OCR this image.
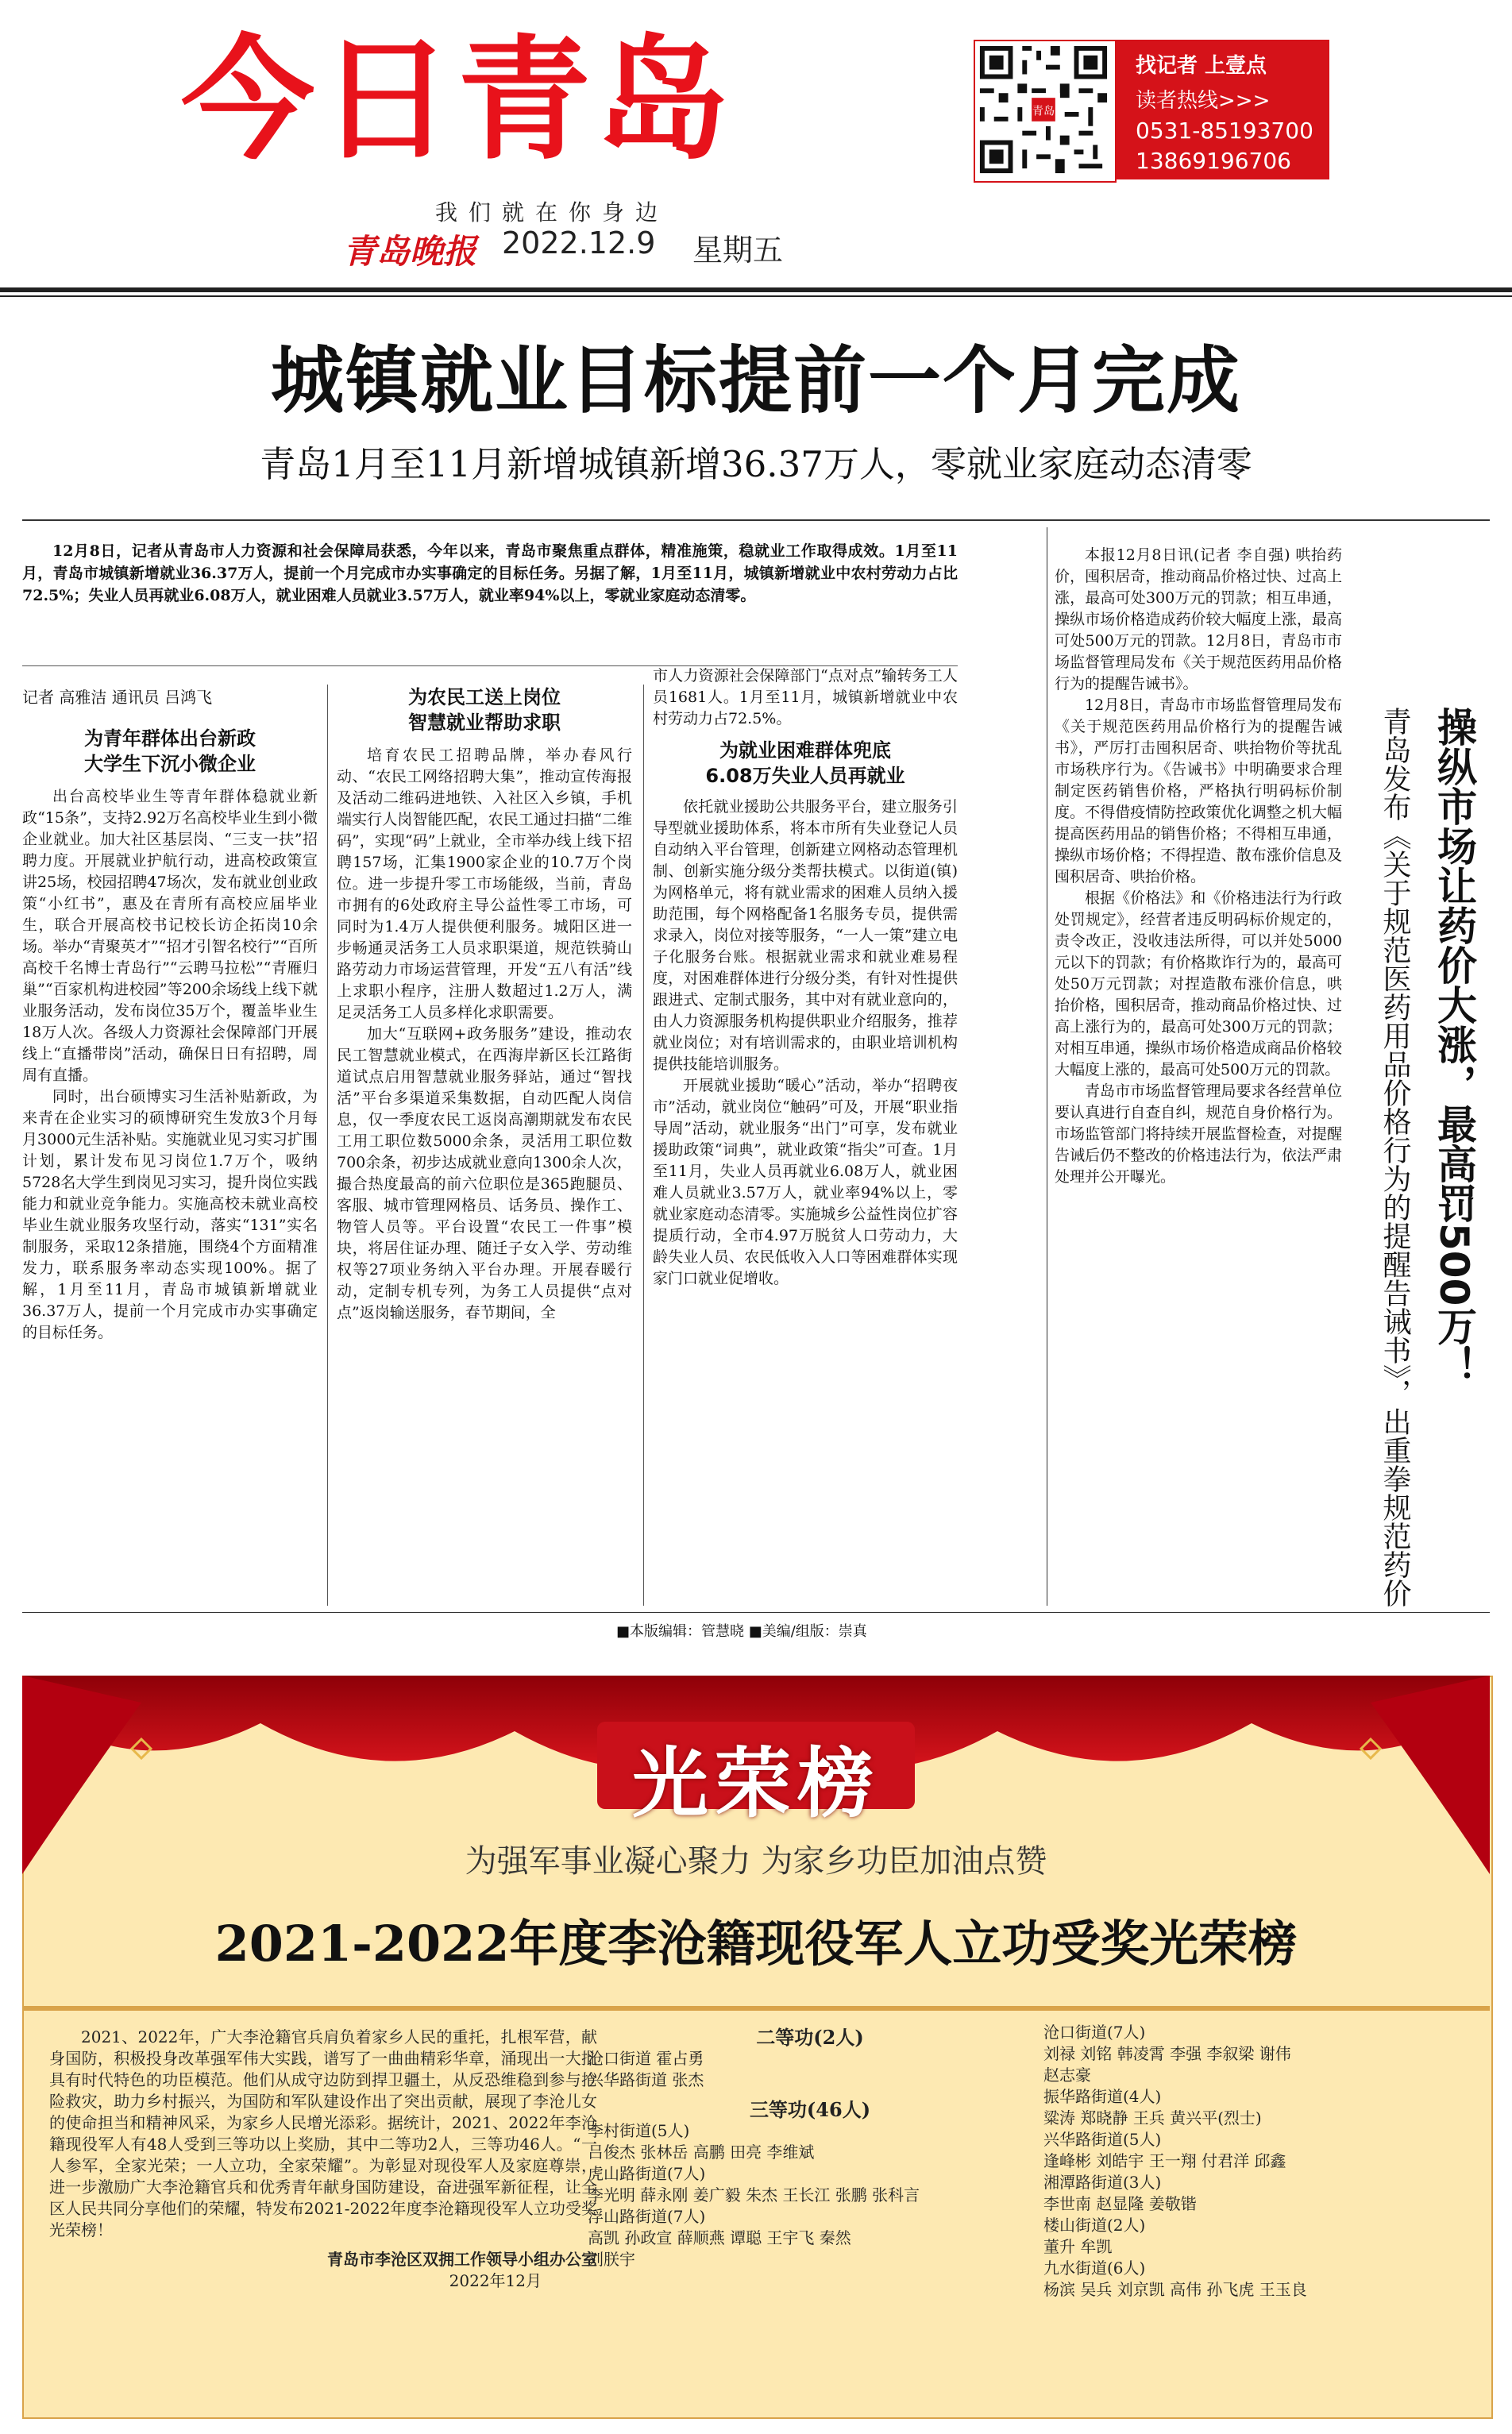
今日青岛
我们就在你身边
青岛晚报 2022.12.9 星期五
青岛
找记者 上壹点
读者热线>>>
0531-85193700
13869196706
城镇就业目标提前一个月完成
青岛1月至11月新增城镇新增36.37万人，零就业家庭动态清零
12月8日，记者从青岛市人力资源和社会保障局获悉，今年以来，青岛市聚焦重点群体，精准施策，稳就业工作取得成效。1月至11月，青岛市城镇新增就业36.37万人，提前一个月完成市办实事确定的目标任务。另据了解，1月至11月，城镇新增就业中农村劳动力占比72.5%；失业人员再就业6.08万人，就业困难人员就业3.57万人，就业率94%以上，零就业家庭动态清零。
记者 高雅洁 通讯员 吕鸿飞
为青年群体出台新政
大学生下沉小微企业

出台高校毕业生等青年群体稳就业新政“15条”，支持2.92万名高校毕业生到小微企业就业。加大社区基层岗、“三支一扶”招聘力度。开展就业护航行动，进高校政策宣讲25场，校园招聘47场次，发布就业创业政策“小红书”，惠及在青所有高校应届毕业生，联合开展高校书记校长访企拓岗10余场。举办“青聚英才”“招才引智名校行”“百所高校千名博士青岛行”“云聘马拉松”“青雁归巢”“百家机构进校园”等200余场线上线下就业服务活动，发布岗位35万个，覆盖毕业生18万人次。各级人力资源社会保障部门开展线上“直播带岗”活动，确保日日有招聘，周周有直播。

同时，出台硕博实习生活补贴新政，为来青在企业实习的硕博研究生发放3个月每月3000元生活补贴。实施就业见习实习扩围计划，累计发布见习岗位1.7万个，吸纳5728名大学生到岗见习实习，提升岗位实践能力和就业竞争能力。实施高校未就业高校毕业生就业服务攻坚行动，落实“131”实名制服务，采取12条措施，围绕4个方面精准发力，联系服务率动态实现100%。据了解，1月至11月，青岛市城镇新增就业36.37万人，提前一个月完成市办实事确定的目标任务。

为农民工送上岗位
智慧就业帮助求职

培育农民工招聘品牌，举办春风行动、“农民工网络招聘大集”，推动宣传海报及活动二维码进地铁、入社区入乡镇，手机端实行人岗智能匹配，农民工通过扫描“二维码”，实现“码”上就业，全市举办线上线下招聘157场，汇集1900家企业的10.7万个岗位。进一步提升零工市场能级，当前，青岛市拥有的6处政府主导公益性零工市场，可同时为1.4万人提供便利服务。城阳区进一步畅通灵活务工人员求职渠道，规范铁骑山路劳动力市场运营管理，开发“五八有活”线上求职小程序，注册人数超过1.2万人，满足灵活务工人员多样化求职需要。

加大“互联网+政务服务”建设，推动农民工智慧就业模式，在西海岸新区长江路街道试点启用智慧就业服务驿站，通过“智找活”平台多渠道采集数据，自动匹配人岗信息，仅一季度农民工返岗高潮期就发布农民工用工职位数5000余条，灵活用工职位数700余条，初步达成就业意向1300余人次，撮合热度最高的前六位职位是365跑腿员、客服、城市管理网格员、话务员、操作工、物管人员等。平台设置“农民工一件事”模块，将居住证办理、随迁子女入学、劳动维权等27项业务纳入平台办理。开展春暖行动，定制专机专列，为务工人员提供“点对点”返岗输送服务，春节期间，全

市人力资源社会保障部门“点对点”输转务工人员1681人。1月至11月，城镇新增就业中农村劳动力占72.5%。

为就业困难群体兜底
6.08万失业人员再就业

依托就业援助公共服务平台，建立服务引导型就业援助体系，将本市所有失业登记人员自动纳入平台管理，创新建立网格动态管理机制、创新实施分级分类帮扶模式。以街道(镇)为网格单元，将有就业需求的困难人员纳入援助范围，每个网格配备1名服务专员，提供需求录入，岗位对接等服务，“一人一策”建立电子化服务台账。根据就业需求和就业难易程度，对困难群体进行分级分类，有针对性提供跟进式、定制式服务，其中对有就业意向的，由人力资源服务机构提供职业介绍服务，推荐就业岗位；对有培训需求的，由职业培训机构提供技能培训服务。

开展就业援助“暖心”活动，举办“招聘夜市”活动，就业岗位“触码”可及，开展“职业指导周”活动，就业服务“出门”可享，发布就业援助政策“词典”，就业政策“指尖”可查。1月至11月，失业人员再就业6.08万人，就业困难人员就业3.57万人，就业率94%以上，零就业家庭动态清零。实施城乡公益性岗位扩容提质行动，全市4.97万脱贫人口劳动力，大龄失业人员、农民低收入人口等困难群体实现家门口就业促增收。

本报12月8日讯(记者 李自强) 哄抬药价，囤积居奇，推动商品价格过快、过高上涨，最高可处300万元的罚款；相互串通，操纵市场价格造成药价较大幅度上涨，最高可处500万元的罚款。12月8日，青岛市市场监督管理局发布《关于规范医药用品价格行为的提醒告诫书》。

12月8日，青岛市市场监督管理局发布《关于规范医药用品价格行为的提醒告诫书》，严厉打击囤积居奇、哄抬物价等扰乱市场秩序行为。《告诫书》中明确要求合理制定医药销售价格，严格执行明码标价制度。不得借疫情防控政策优化调整之机大幅提高医药用品的销售价格；不得相互串通，操纵市场价格；不得捏造、散布涨价信息及囤积居奇、哄抬价格。

根据《价格法》和《价格违法行为行政处罚规定》，经营者违反明码标价规定的，责令改正，没收违法所得，可以并处5000元以下的罚款；有价格欺诈行为的，最高可处50万元罚款；对捏造散布涨价信息，哄抬价格，囤积居奇，推动商品价格过快、过高上涨行为的，最高可处300万元的罚款；对相互串通，操纵市场价格造成商品价格较大幅度上涨的，最高可处500万元的罚款。

青岛市市场监督管理局要求各经营单位要认真进行自查自纠，规范自身价格行为。市场监管部门将持续开展监督检查，对提醒告诫后仍不整改的价格违法行为，依法严肃处理并公开曝光。	操纵市场让药价大涨，最高罚500万！
青岛发布《关于规范医药用品价格行为的提醒告诫书》，出重拳规范药价
■本版编辑：管慧晓 ■美编/组版：崇真
光荣榜
为强军事业凝心聚力 为家乡功臣加油点赞
2021-2022年度李沧籍现役军人立功受奖光荣榜

2021、2022年，广大李沧籍官兵肩负着家乡人民的重托，扎根军营，献身国防，积极投身改革强军伟大实践，谱写了一曲曲精彩华章，涌现出一大批具有时代特色的功臣模范。他们从成守边防到捍卫疆土，从反恐维稳到参与抢险救灾，助力乡村振兴，为国防和军队建设作出了突出贡献，展现了李沧儿女的使命担当和精神风采，为家乡人民增光添彩。据统计，2021、2022年李沧籍现役军人有48人受到三等功以上奖励，其中二等功2人，三等功46人。“一人参军，全家光荣；一人立功，全家荣耀”。为彰显对现役军人及家庭尊崇，进一步激励广大李沧籍官兵和优秀青年献身国防建设，奋进强军新征程，让全区人民共同分享他们的荣耀，特发布2021-2022年度李沧籍现役军人立功受奖光荣榜！

青岛市李沧区双拥工作领导小组办公室
2022年12月
二等功(2人)
沧口街道 霍占勇
兴华路街道 张杰
三等功(46人)
李村街道(5人)
吕俊杰 张林岳 高鹏 田亮 李维斌
虎山路街道(7人)
李光明 薛永刚 姜广毅 朱杰 王长江 张鹏 张科言
浮山路街道(7人)
高凯 孙政宣 薛顺燕 谭聪 王宇飞 秦然
刘朕宇
沧口街道(7人)
刘禄 刘铭 韩凌霄 李强 李叙梁 谢伟
赵志豪
振华路街道(4人)
粱涛 郑晓静 王兵 黄兴平(烈士)
兴华路街道(5人)
逢峰彬 刘皓宇 王一翔 付君洋 邱鑫
湘潭路街道(3人)
李世南 赵显隆 姜敬锴
楼山街道(2人)
董升 牟凯
九水街道(6人)
杨滨 吴兵 刘京凯 高伟 孙飞虎 王玉良
